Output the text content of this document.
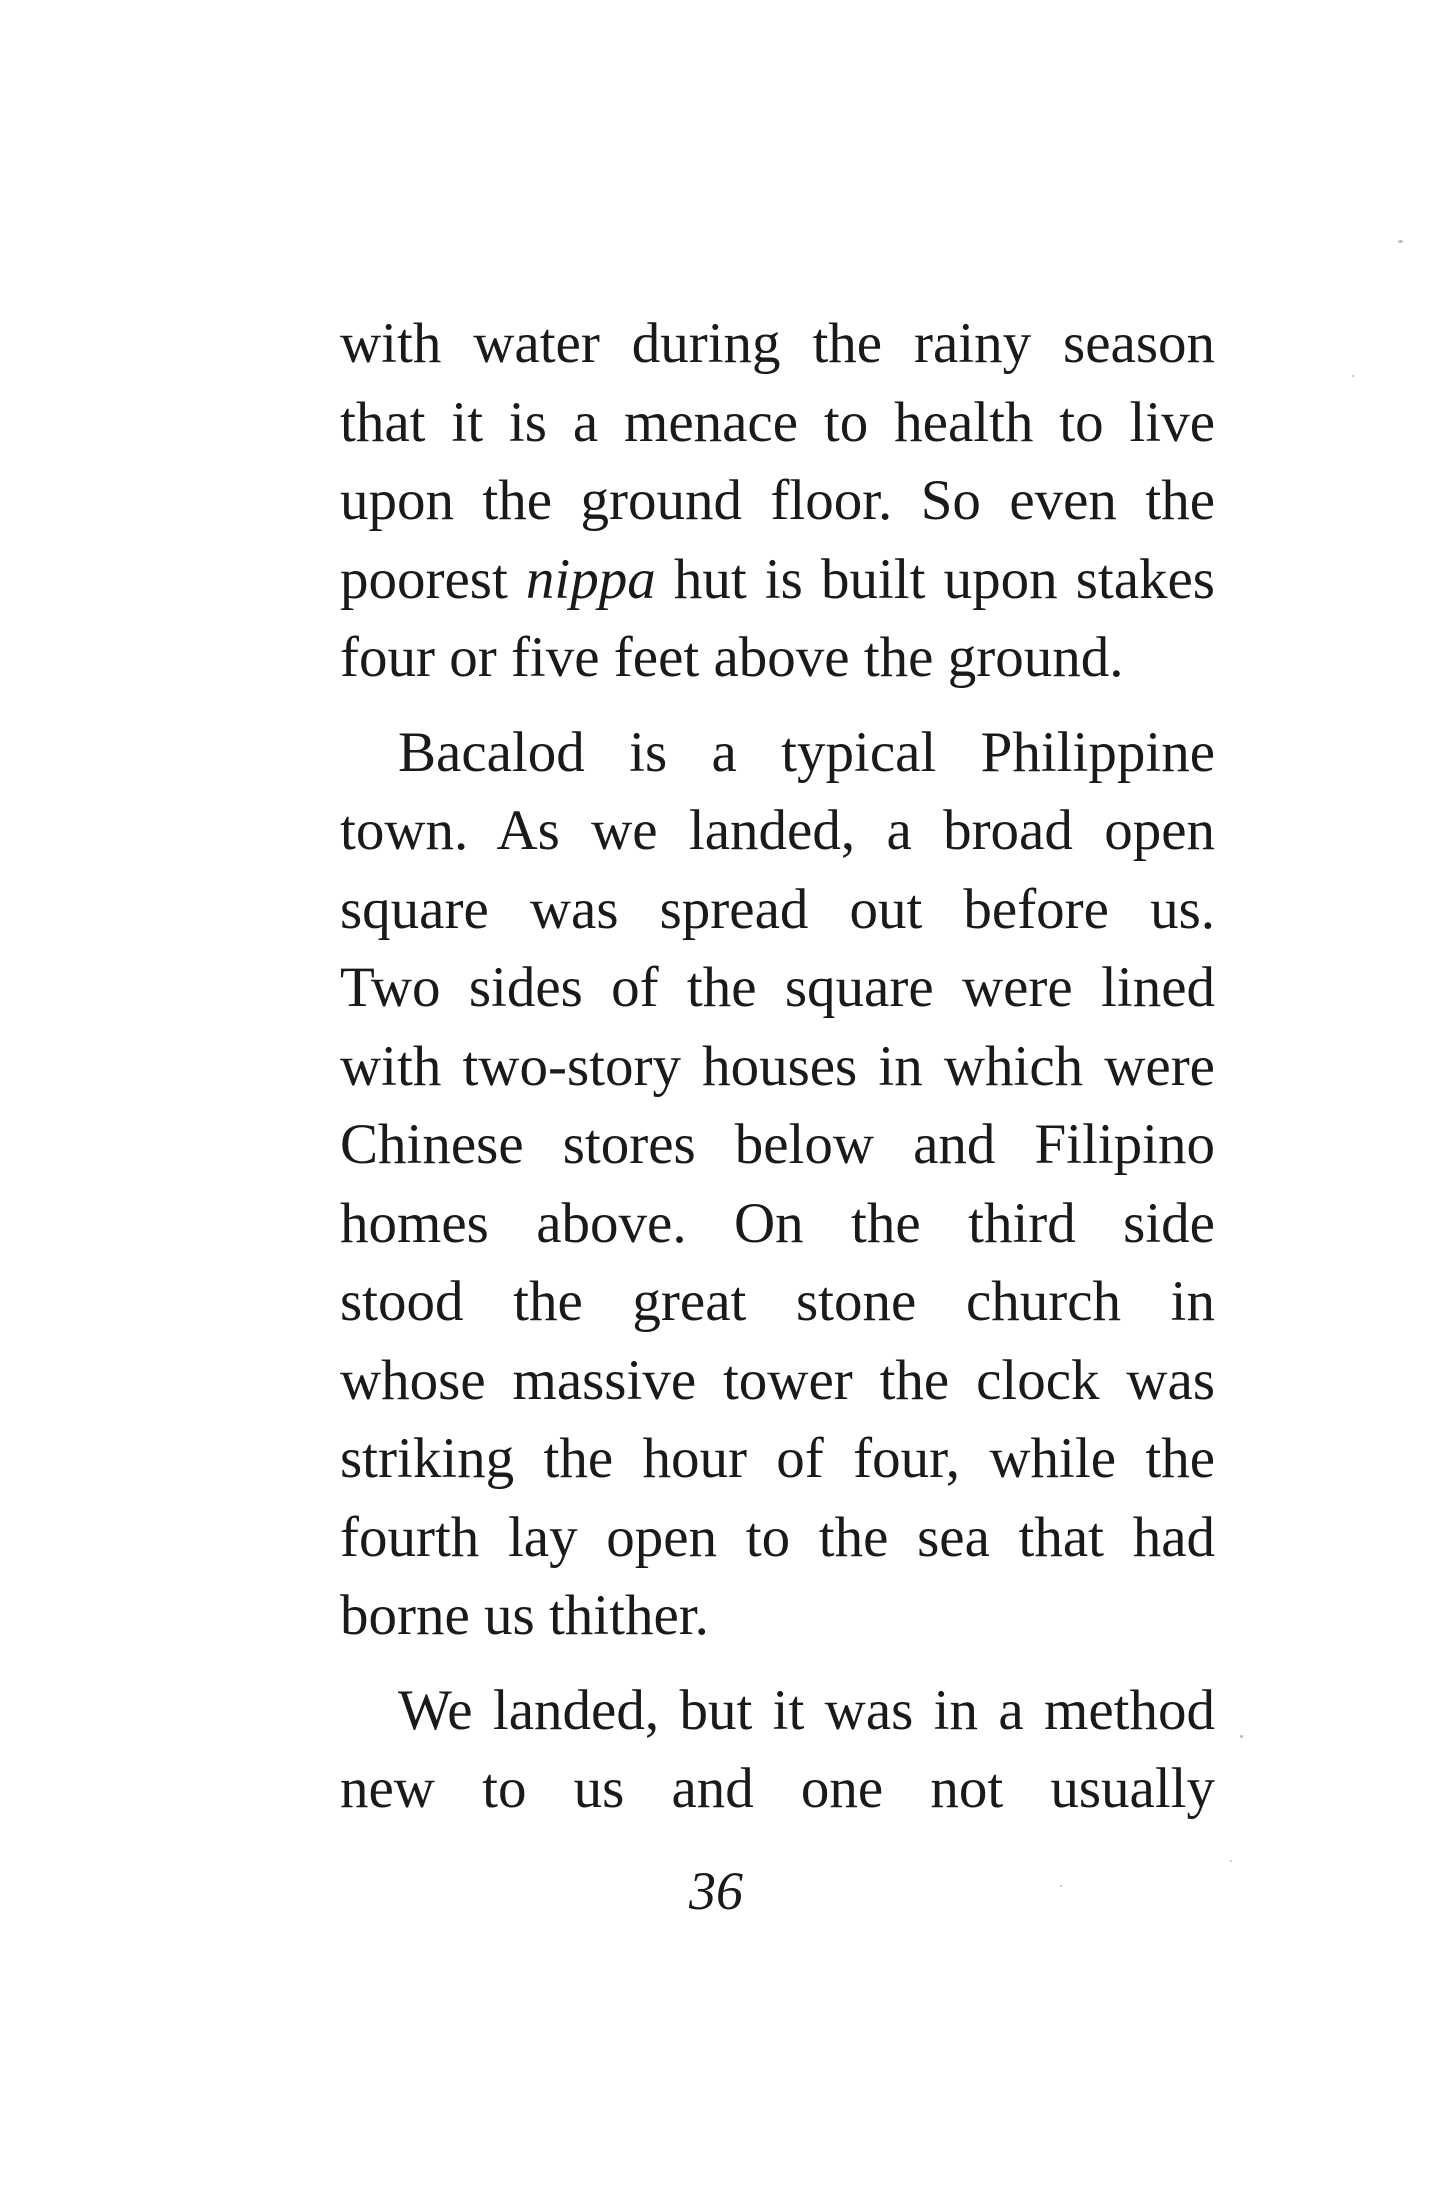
with water during the rainy season
that it is a menace to health to live
upon the ground floor. So even the
poorest nippa hut is built upon stakes
four or five feet above the ground.

Bacalod is a typical Philippine
town. As we landed, a broad open
square was spread out before us.
Two sides of the square were lined
with two-story houses in which were
Chinese stores below and Filipino
homes above. On the third side
stood the great stone church in
whose massive tower the clock was
striking the hour of four, while the
fourth lay open to the sea that had
borne us thither.

We landed, but it was in a method
new to us and one not usually

36
